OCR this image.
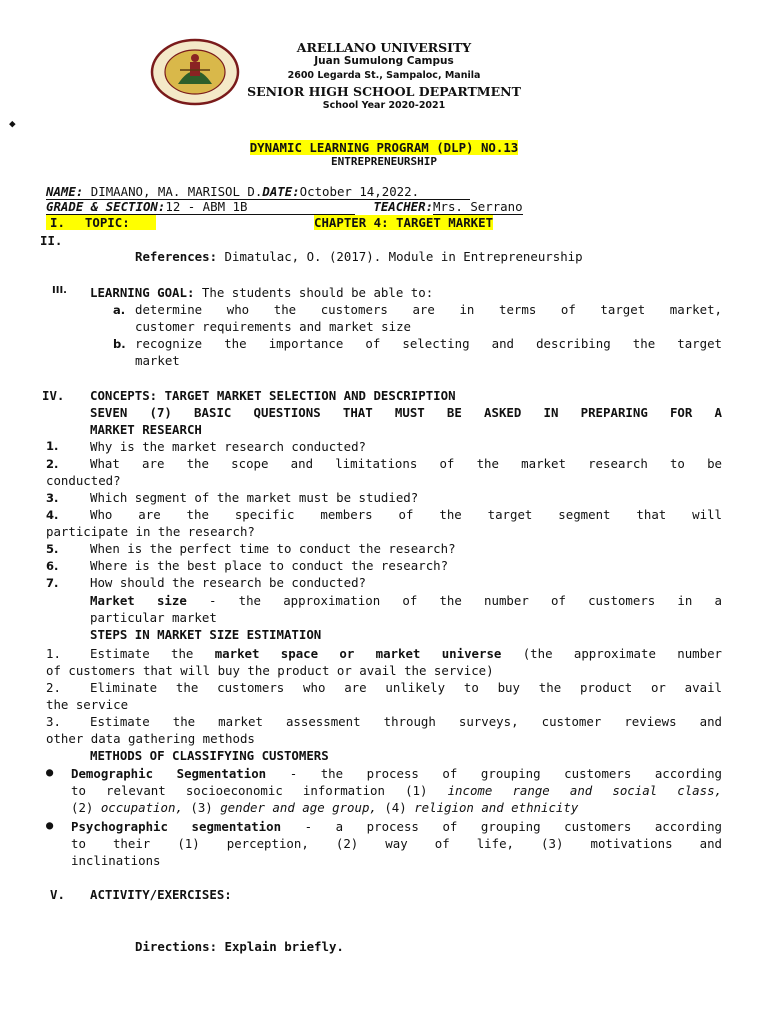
ARELLANO UNIVERSITY
Juan Sumulong Campus
2600 Legarda St., Sampaloc, Manila
SENIOR HIGH SCHOOL DEPARTMENT
School Year 2020-2021
◆
DYNAMIC LEARNING PROGRAM (DLP) NO.13
ENTREPRENEURSHIP
NAME: DIMAANO, MA. MARISOL D.DATE:October 14,2022.
GRADE & SECTION:12 - ABM 1B	TEACHER:Mrs. Serrano
I. TOPIC:	CHAPTER 4: TARGET MARKET
II.
References: Dimatulac, O. (2017). Module in Entrepreneurship
III. LEARNING GOAL: The students should be able to:
a. determine who the customers are in terms of target market,
customer requirements and market size
b. recognize the importance of selecting and describing the target
market
IV. CONCEPTS: TARGET MARKET SELECTION AND DESCRIPTION
SEVEN (7) BASIC QUESTIONS THAT MUST BE ASKED IN PREPARING FOR A
MARKET RESEARCH
1.	Why is the market research conducted?
2.	What are the scope and limitations of the market research to be
conducted?
3.	Which segment of the market must be studied?
4.	Who are the specific members of the target segment that will
participate in the research?
5.	When is the perfect time to conduct the research?
6.	Where is the best place to conduct the research?
7.	How should the research be conducted?
Market size - the approximation of the number of customers in a
particular market
STEPS IN MARKET SIZE ESTIMATION
1. Estimate the market space or market universe (the approximate number
of customers that will buy the product or avail the service)
2. Eliminate the customers who are unlikely to buy the product or avail
the service
3. Estimate the market assessment through surveys, customer reviews and
other data gathering methods
METHODS OF CLASSIFYING CUSTOMERS
● Demographic Segmentation - the process of grouping customers according
to relevant socioeconomic information (1) income range and social class,
(2) occupation, (3) gender and age group, (4) religion and ethnicity
● Psychographic segmentation - a process of grouping customers according
to their (1) perception, (2) way of life, (3) motivations and
inclinations
V. ACTIVITY/EXERCISES:
Directions: Explain briefly.
